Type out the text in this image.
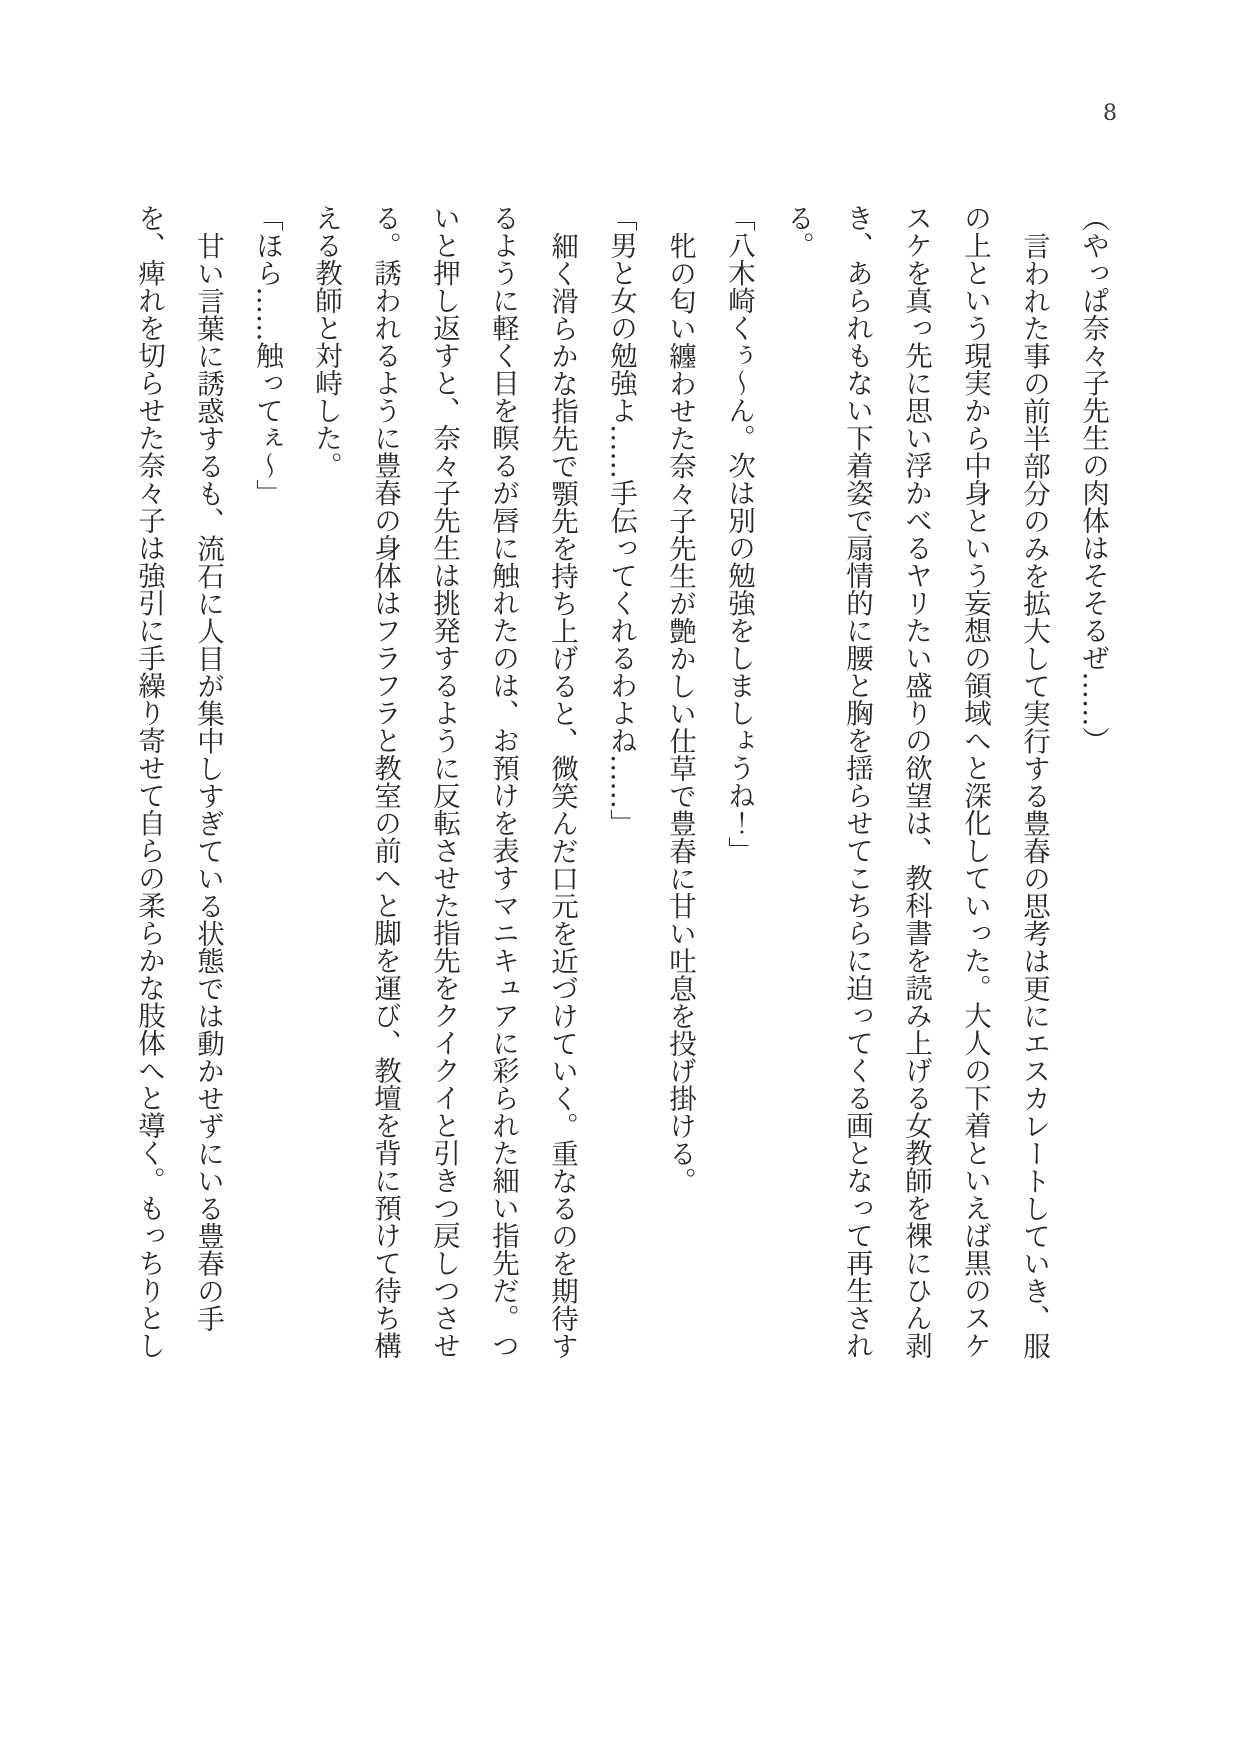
8

（やっぱ奈々子先生の肉体はそそるぜ……）

言われた事の前半部分のみを拡大して実行する豊春の思考は更にエスカレートしていき、服の上という現実から中身という妄想の領域へと深化していった。大人の下着といえば黒のスケスケを真っ先に思い浮かべるヤリたい盛りの欲望は、教科書を読み上げる女教師を裸にひん剥き、あられもない下着姿で扇情的に腰と胸を揺らせてこちらに迫ってくる画となって再生される。

「八木崎くぅ～ん。次は別の勉強をしましょうね！」

牝の匂い纏わせた奈々子先生が艶かしい仕草で豊春に甘い吐息を投げ掛ける。

「男と女の勉強よ……手伝ってくれるわよね……」

細く滑らかな指先で顎先を持ち上げると、微笑んだ口元を近づけていく。重なるのを期待するように軽く目を瞑るが唇に触れたのは、お預けを表すマニキュアに彩られた細い指先だ。ついと押し返すと、奈々子先生は挑発するように反転させた指先をクイクイと引きつ戻しつさせる。誘われるように豊春の身体はフラフラと教室の前へと脚を運び、教壇を背に預けて待ち構える教師と対峙した。

「ほら……触ってぇ～」

甘い言葉に誘惑するも、流石に人目が集中しすぎている状態では動かせずにいる豊春の手を、痺れを切らせた奈々子は強引に手繰り寄せて自らの柔らかな肢体へと導く。もっちりとし
